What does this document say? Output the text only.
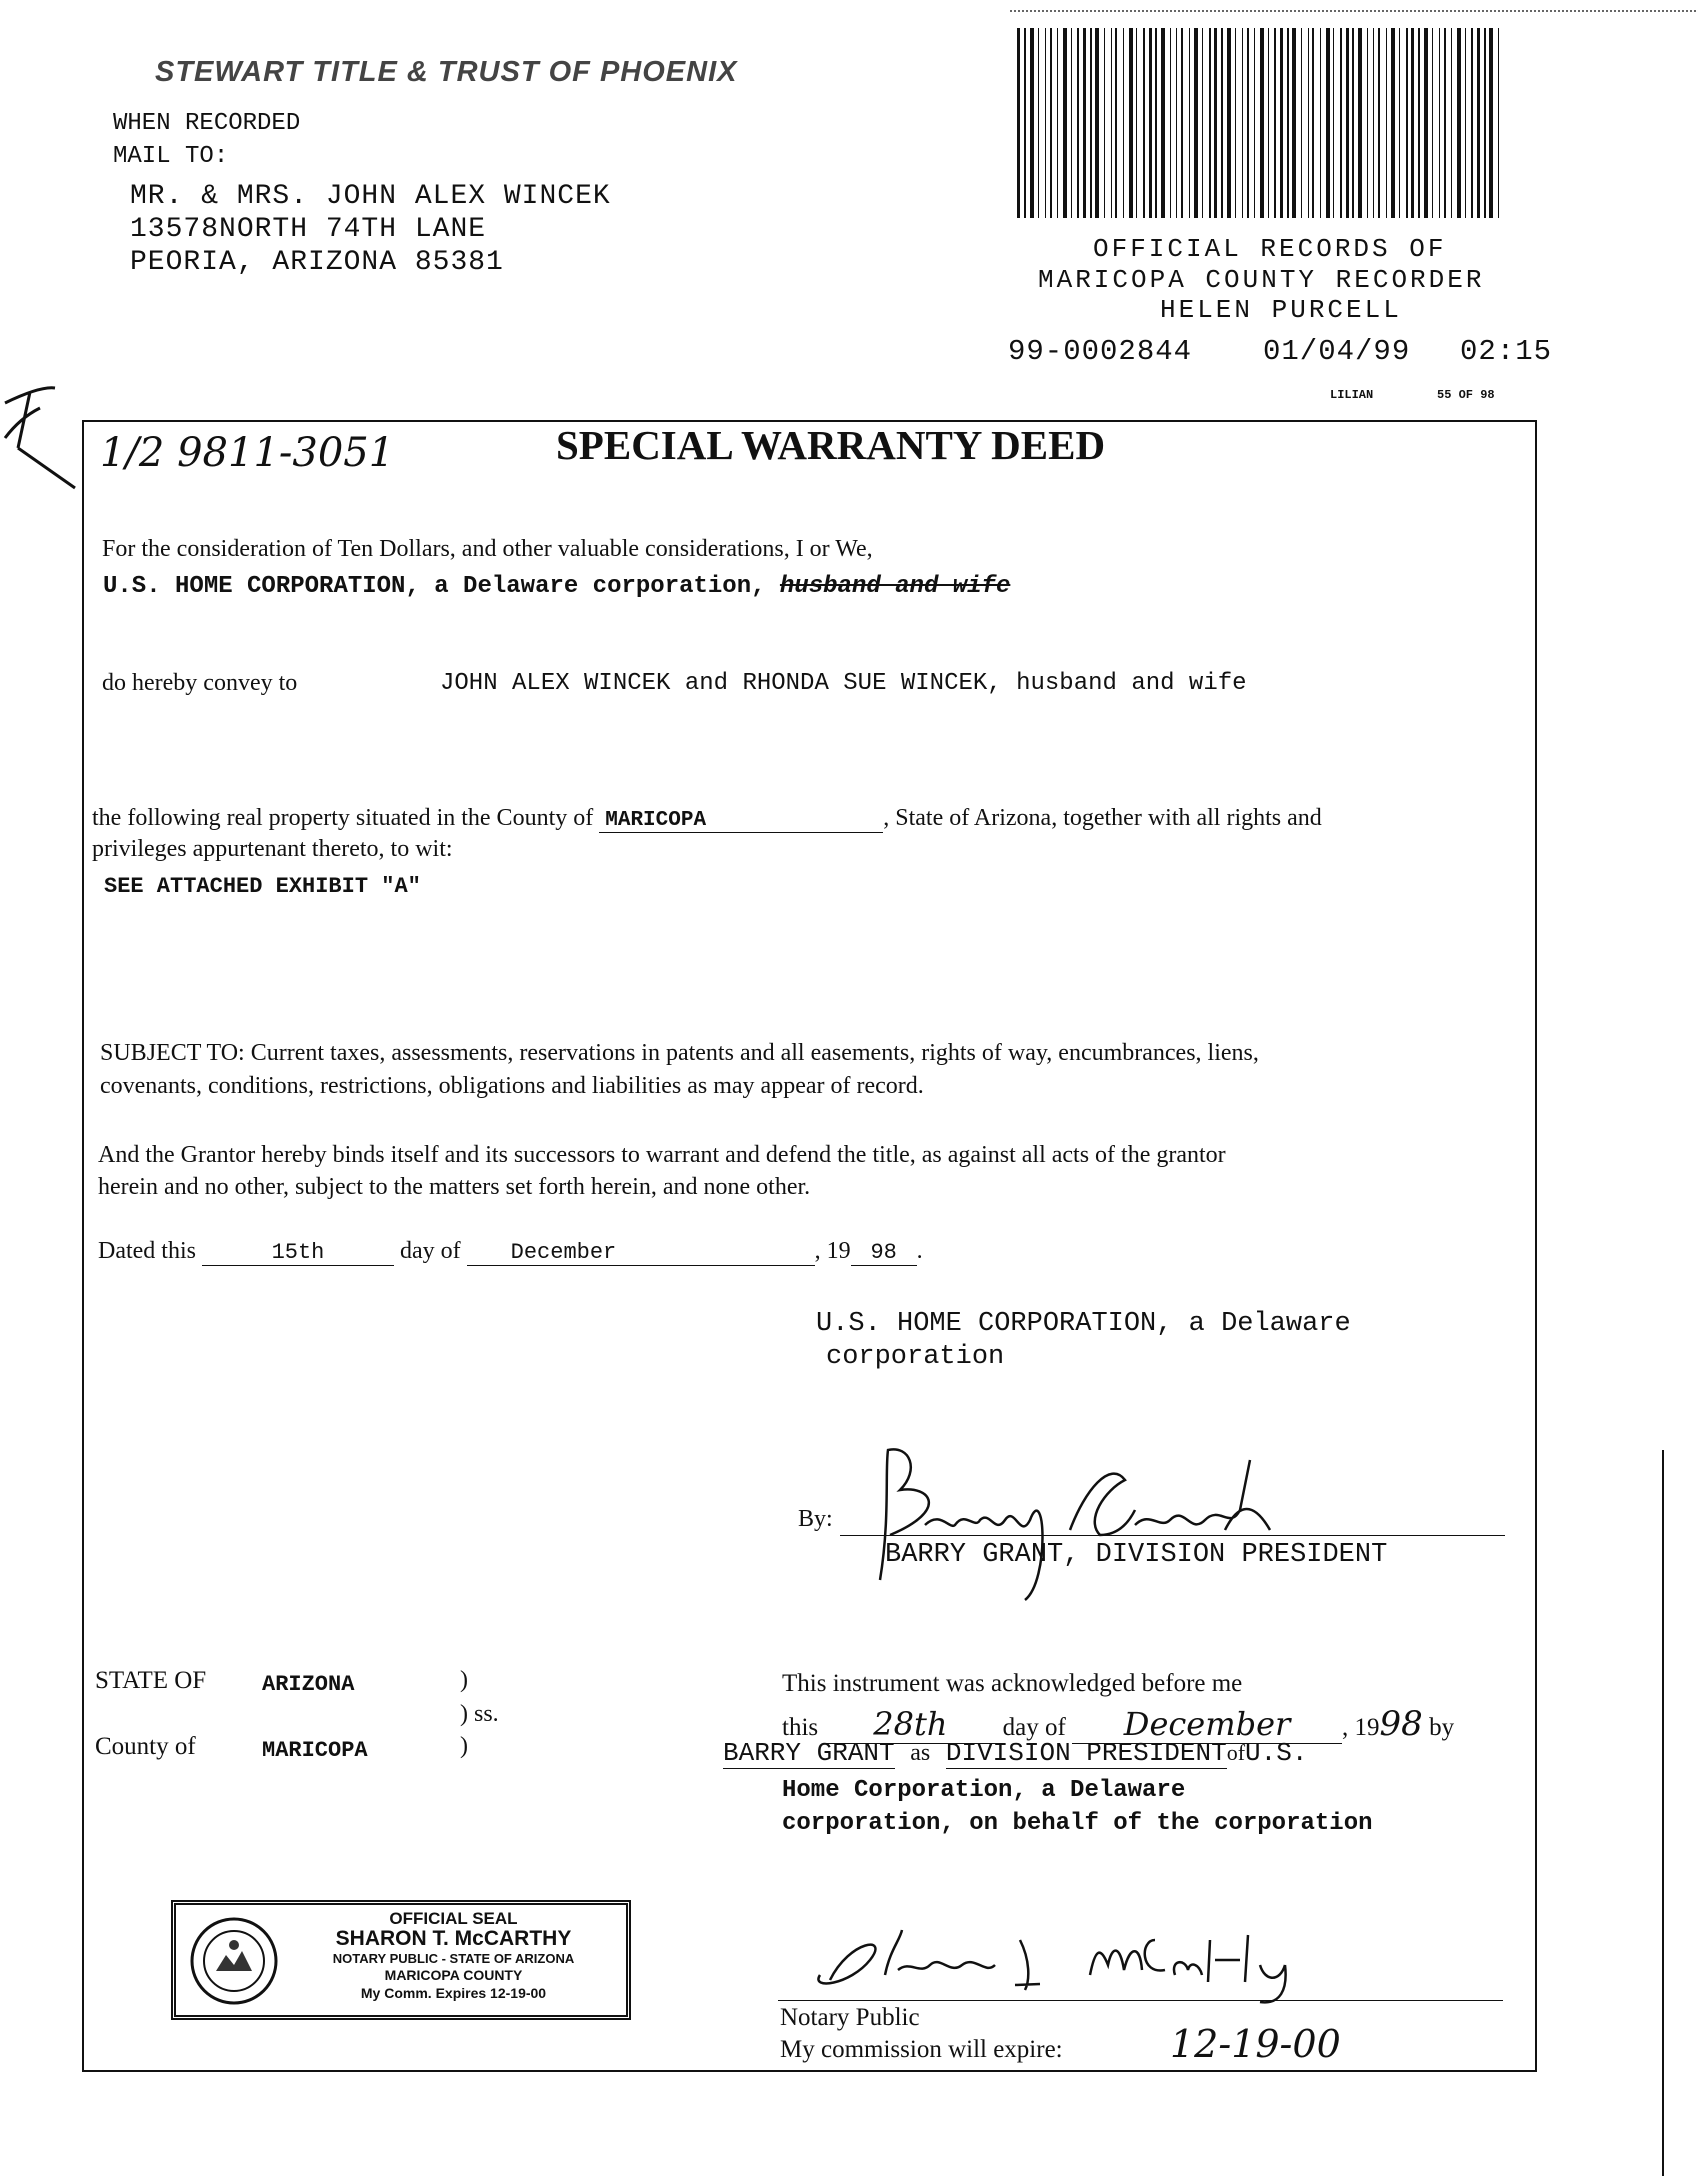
STEWART TITLE & TRUST OF PHOENIX
WHEN RECORDED
MAIL TO:
MR. & MRS. JOHN ALEX WINCEK
13578NORTH 74TH LANE
PEORIA, ARIZONA 85381	OFFICIAL RECORDS OF
MARICOPA COUNTY RECORDER
HELEN PURCELL
99-0002844 01/04/99 02:15
LILIAN	55 OF 98
1/2 9811-3051	SPECIAL WARRANTY DEED
For the consideration of Ten Dollars, and other valuable considerations, I or We,
U.S. HOME CORPORATION, a Delaware corporation, husband and wife
do hereby convey to	JOHN ALEX WINCEK and RHONDA SUE WINCEK, husband and wife
the following real property situated in the County of MARICOPA	, State of Arizona, together with all rights and
privileges appurtenant thereto, to wit:
SEE ATTACHED EXHIBIT "A"
SUBJECT TO: Current taxes, assessments, reservations in patents and all easements, rights of way, encumbrances, liens,
covenants, conditions, restrictions, obligations and liabilities as may appear of record.
And the Grantor hereby binds itself and its successors to warrant and defend the title, as against all acts of the grantor
herein and no other, subject to the matters set forth herein, and none other.
Dated this	15th	day of December	, 19 98 .
U.S. HOME CORPORATION, a Delaware
corporation
By:
BARRY GRANT, DIVISION PRESIDENT
STATE OF	ARIZONA	)
) ss.
County of	MARICOPA	)
This instrument was acknowledged before me
this 28th day of December , 1998 by
BARRY GRANT as DIVISION PRESIDENTofU.S.
Home Corporation, a Delaware
corporation, on behalf of the corporation
OFFICIAL SEAL
SHARON T. McCARTHY
NOTARY PUBLIC - STATE OF ARIZONA
MARICOPA COUNTY
My Comm. Expires 12-19-00
Notary Public
My commission will expire:	12-19-00
